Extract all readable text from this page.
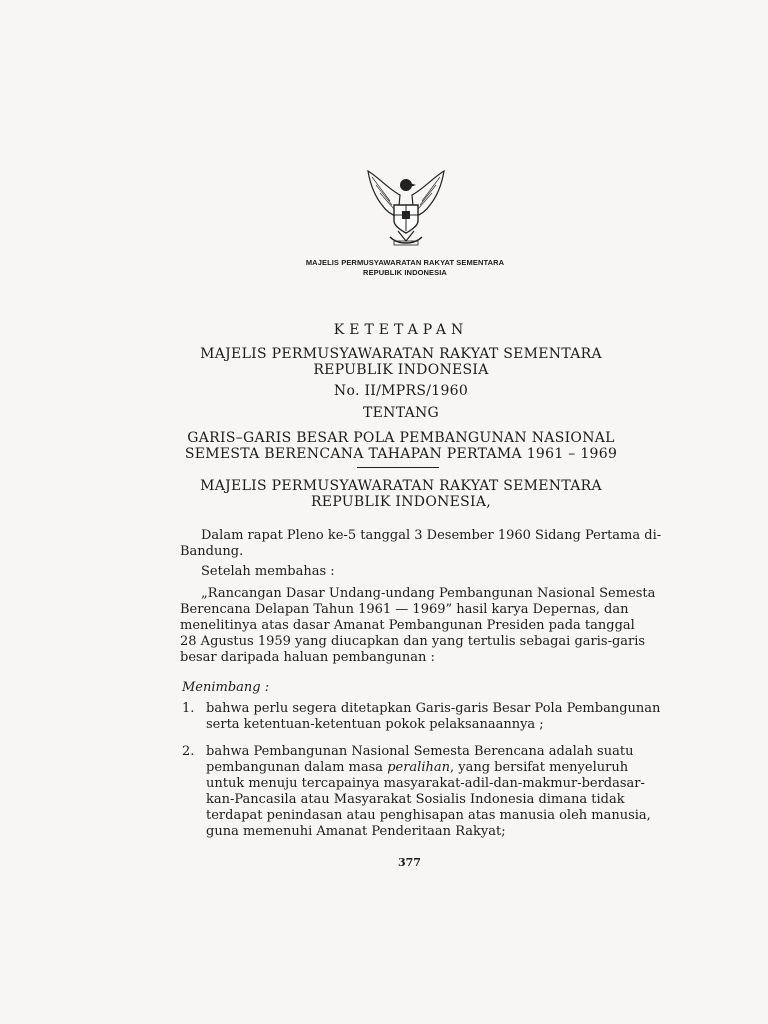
MAJELIS PERMUSYAWARATAN RAKYAT SEMENTARA
REPUBLIK INDONESIA
KETETAPAN
MAJELIS PERMUSYAWARATAN RAKYAT SEMENTARA
REPUBLIK INDONESIA
No. II/MPRS/1960
TENTANG
GARIS–GARIS BESAR POLA PEMBANGUNAN NASIONAL
SEMESTA BERENCANA TAHAPAN PERTAMA 1961 – 1969
MAJELIS PERMUSYAWARATAN RAKYAT SEMENTARA
REPUBLIK INDONESIA,
Dalam rapat Pleno ke-5 tanggal 3 Desember 1960 Sidang Pertama di-
Bandung.
Setelah membahas :
„Rancangan Dasar Undang-undang Pembangunan Nasional Semesta
Berencana Delapan Tahun 1961 — 1969” hasil karya Depernas, dan
menelitinya atas dasar Amanat Pembangunan Presiden pada tanggal
28 Agustus 1959 yang diucapkan dan yang tertulis sebagai garis-garis
besar daripada haluan pembangunan :
Menimbang :
1. bahwa perlu segera ditetapkan Garis-garis Besar Pola Pembangunan
serta ketentuan-ketentuan pokok pelaksanaannya ;
2. bahwa Pembangunan Nasional Semesta Berencana adalah suatu
pembangunan dalam masa peralihan, yang bersifat menyeluruh
untuk menuju tercapainya masyarakat-adil-dan-makmur-berdasar-
kan-Pancasila atau Masyarakat Sosialis Indonesia dimana tidak
terdapat penindasan atau penghisapan atas manusia oleh manusia,
guna memenuhi Amanat Penderitaan Rakyat;
377
